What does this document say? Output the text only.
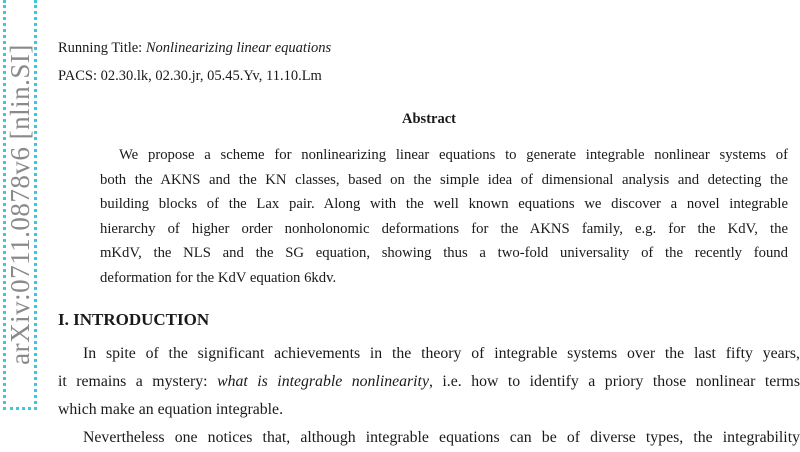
arXiv:0711.0878v6 [nlin.SI] Running Title: Nonlinearizing linear equations
PACS: 02.30.lk, 02.30.jr, 05.45.Yv, 11.10.Lm
Abstract
We propose a scheme for nonlinearizing linear equations to generate integrable nonlinear systems of
both the AKNS and the KN classes, based on the simple idea of dimensional analysis and detecting the
building blocks of the Lax pair. Along with the well known equations we discover a novel integrable
hierarchy of higher order nonholonomic deformations for the AKNS family, e.g. for the KdV, the
mKdV, the NLS and the SG equation, showing thus a two-fold universality of the recently found
deformation for the KdV equation 6kdv.
I. INTRODUCTION
In spite of the significant achievements in the theory of integrable systems over the last fifty years,
it remains a mystery: what is integrable nonlinearity, i.e. how to identify a priory those nonlinear terms
which make an equation integrable.
Nevertheless one notices that, although integrable equations can be of diverse types, the integrability
